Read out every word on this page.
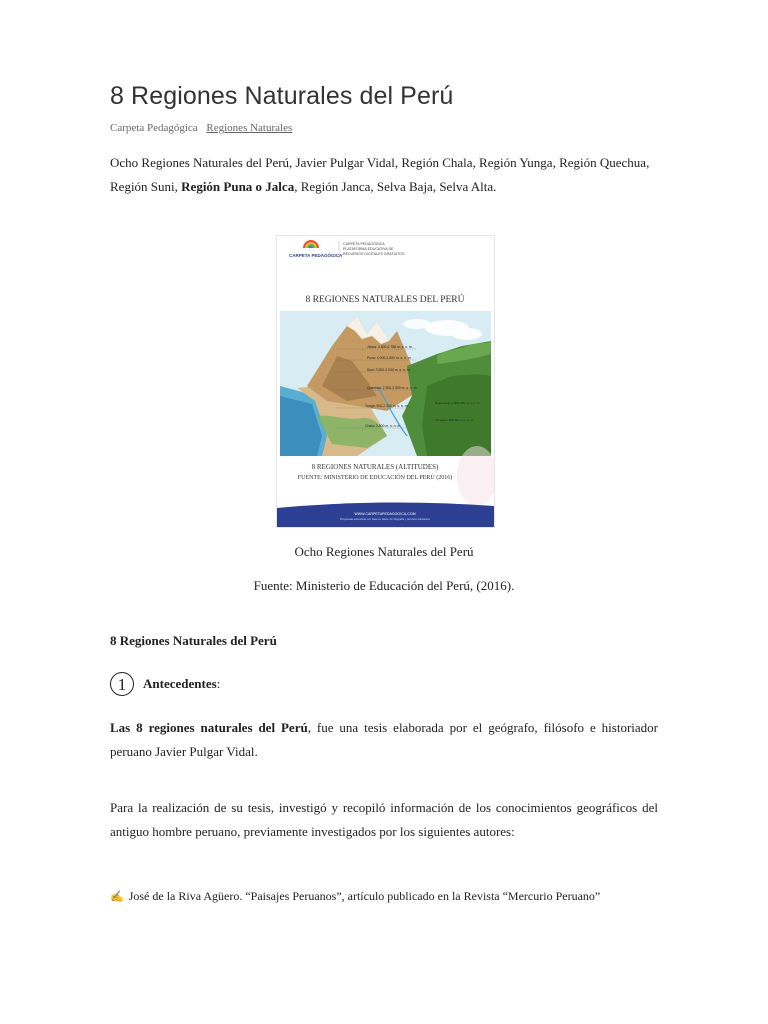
8 Regiones Naturales del Perú
Carpeta Pedagógica Regiones Naturales
Ocho Regiones Naturales del Perú, Javier Pulgar Vidal, Región Chala, Región Yunga, Región Quechua, Región Suni, Región Puna o Jalca, Región Janca, Selva Baja, Selva Alta.
CARPETA PEDAGÓGICA
CARPETA PEDAGÓGICA
PLATAFORMA EDUCATIVA DE
RECURSOS DIGITALES GRATUITOS
8 REGIONES NATURALES DEL PERÚ
Janca: 4 800-6 768 m. s. n. m.
Puna: 4 000-4 800 m. s. n. m.
Suni: 3 500-4 000 m. s. n. m.
Quechua: 2 300-3 500 m. s. n. m.
Yunga: 500-2 300 m. s. n. m.
Chala: 0-500 m. s. n. m.
Rupa rupa: 1 000-400 m. s. n. m.
Omagua: 400-80 m. s. n. m.
8 REGIONES NATURALES (ALTITUDES)
FUENTE: MINISTERIO DE EDUCACIÓN DEL PERÚ (2016)
WWW.CARPETAPEDAGOGICA.COM
Propuestas educativas con base en datos, de infografía y recursos educativos
Ocho Regiones Naturales del Perú
Fuente: Ministerio de Educación del Perú, (2016).
8 Regiones Naturales del Perú
1	Antecedentes :
Las 8 regiones naturales del Perú, fue una tesis elaborada por el geógrafo, filósofo e historiador peruano Javier Pulgar Vidal.
Para la realización de su tesis, investigó y recopiló información de los conocimientos geográficos del antiguo hombre peruano, previamente investigados por los siguientes autores:
✍ José de la Riva Agüero. “Paisajes Peruanos”, artículo publicado en la Revista “Mercurio Peruano”
